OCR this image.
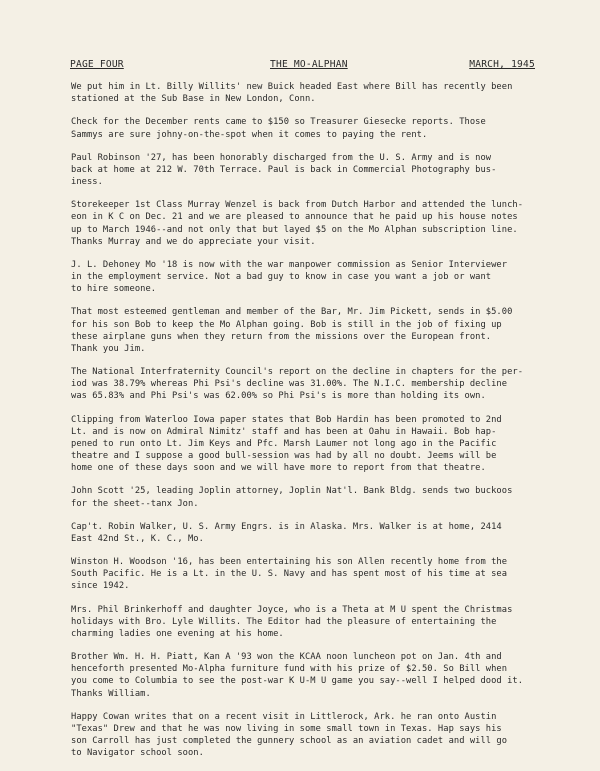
PAGE FOUR	THE MO-ALPHAN	MARCH, 1945
We put him in Lt. Billy Willits' new Buick headed East where Bill has recently been
stationed at the Sub Base in New London, Conn.
Check for the December rents came to $150 so Treasurer Giesecke reports. Those
Sammys are sure johny-on-the-spot when it comes to paying the rent.
Paul Robinson '27, has been honorably discharged from the U. S. Army and is now
back at home at 212 W. 70th Terrace. Paul is back in Commercial Photography bus-
iness.
Storekeeper 1st Class Murray Wenzel is back from Dutch Harbor and attended the lunch-
eon in K C on Dec. 21 and we are pleased to announce that he paid up his house notes
up to March 1946--and not only that but layed $5 on the Mo Alphan subscription line.
Thanks Murray and we do appreciate your visit.
J. L. Dehoney Mo '18 is now with the war manpower commission as Senior Interviewer
in the employment service. Not a bad guy to know in case you want a job or want
to hire someone.
That most esteemed gentleman and member of the Bar, Mr. Jim Pickett, sends in $5.00
for his son Bob to keep the Mo Alphan going. Bob is still in the job of fixing up
these airplane guns when they return from the missions over the European front.
Thank you Jim.
The National Interfraternity Council's report on the decline in chapters for the per-
iod was 38.79% whereas Phi Psi's decline was 31.00%. The N.I.C. membership decline
was 65.83% and Phi Psi's was 62.00% so Phi Psi's is more than holding its own.
Clipping from Waterloo Iowa paper states that Bob Hardin has been promoted to 2nd
Lt. and is now on Admiral Nimitz' staff and has been at Oahu in Hawaii. Bob hap-
pened to run onto Lt. Jim Keys and Pfc. Marsh Laumer not long ago in the Pacific
theatre and I suppose a good bull-session was had by all no doubt. Jeems will be
home one of these days soon and we will have more to report from that theatre.
John Scott '25, leading Joplin attorney, Joplin Nat'l. Bank Bldg. sends two buckoos
for the sheet--tanx Jon.
Cap't. Robin Walker, U. S. Army Engrs. is in Alaska. Mrs. Walker is at home, 2414
East 42nd St., K. C., Mo.
Winston H. Woodson '16, has been entertaining his son Allen recently home from the
South Pacific. He is a Lt. in the U. S. Navy and has spent most of his time at sea
since 1942.
Mrs. Phil Brinkerhoff and daughter Joyce, who is a Theta at M U spent the Christmas
holidays with Bro. Lyle Willits. The Editor had the pleasure of entertaining the
charming ladies one evening at his home.
Brother Wm. H. H. Piatt, Kan A '93 won the KCAA noon luncheon pot on Jan. 4th and
henceforth presented Mo-Alpha furniture fund with his prize of $2.50. So Bill when
you come to Columbia to see the post-war K U-M U game you say--well I helped dood it.
Thanks William.
Happy Cowan writes that on a recent visit in Littlerock, Ark. he ran onto Austin
"Texas" Drew and that he was now living in some small town in Texas. Hap says his
son Carroll has just completed the gunnery school as an aviation cadet and will go
to Navigator school soon.
